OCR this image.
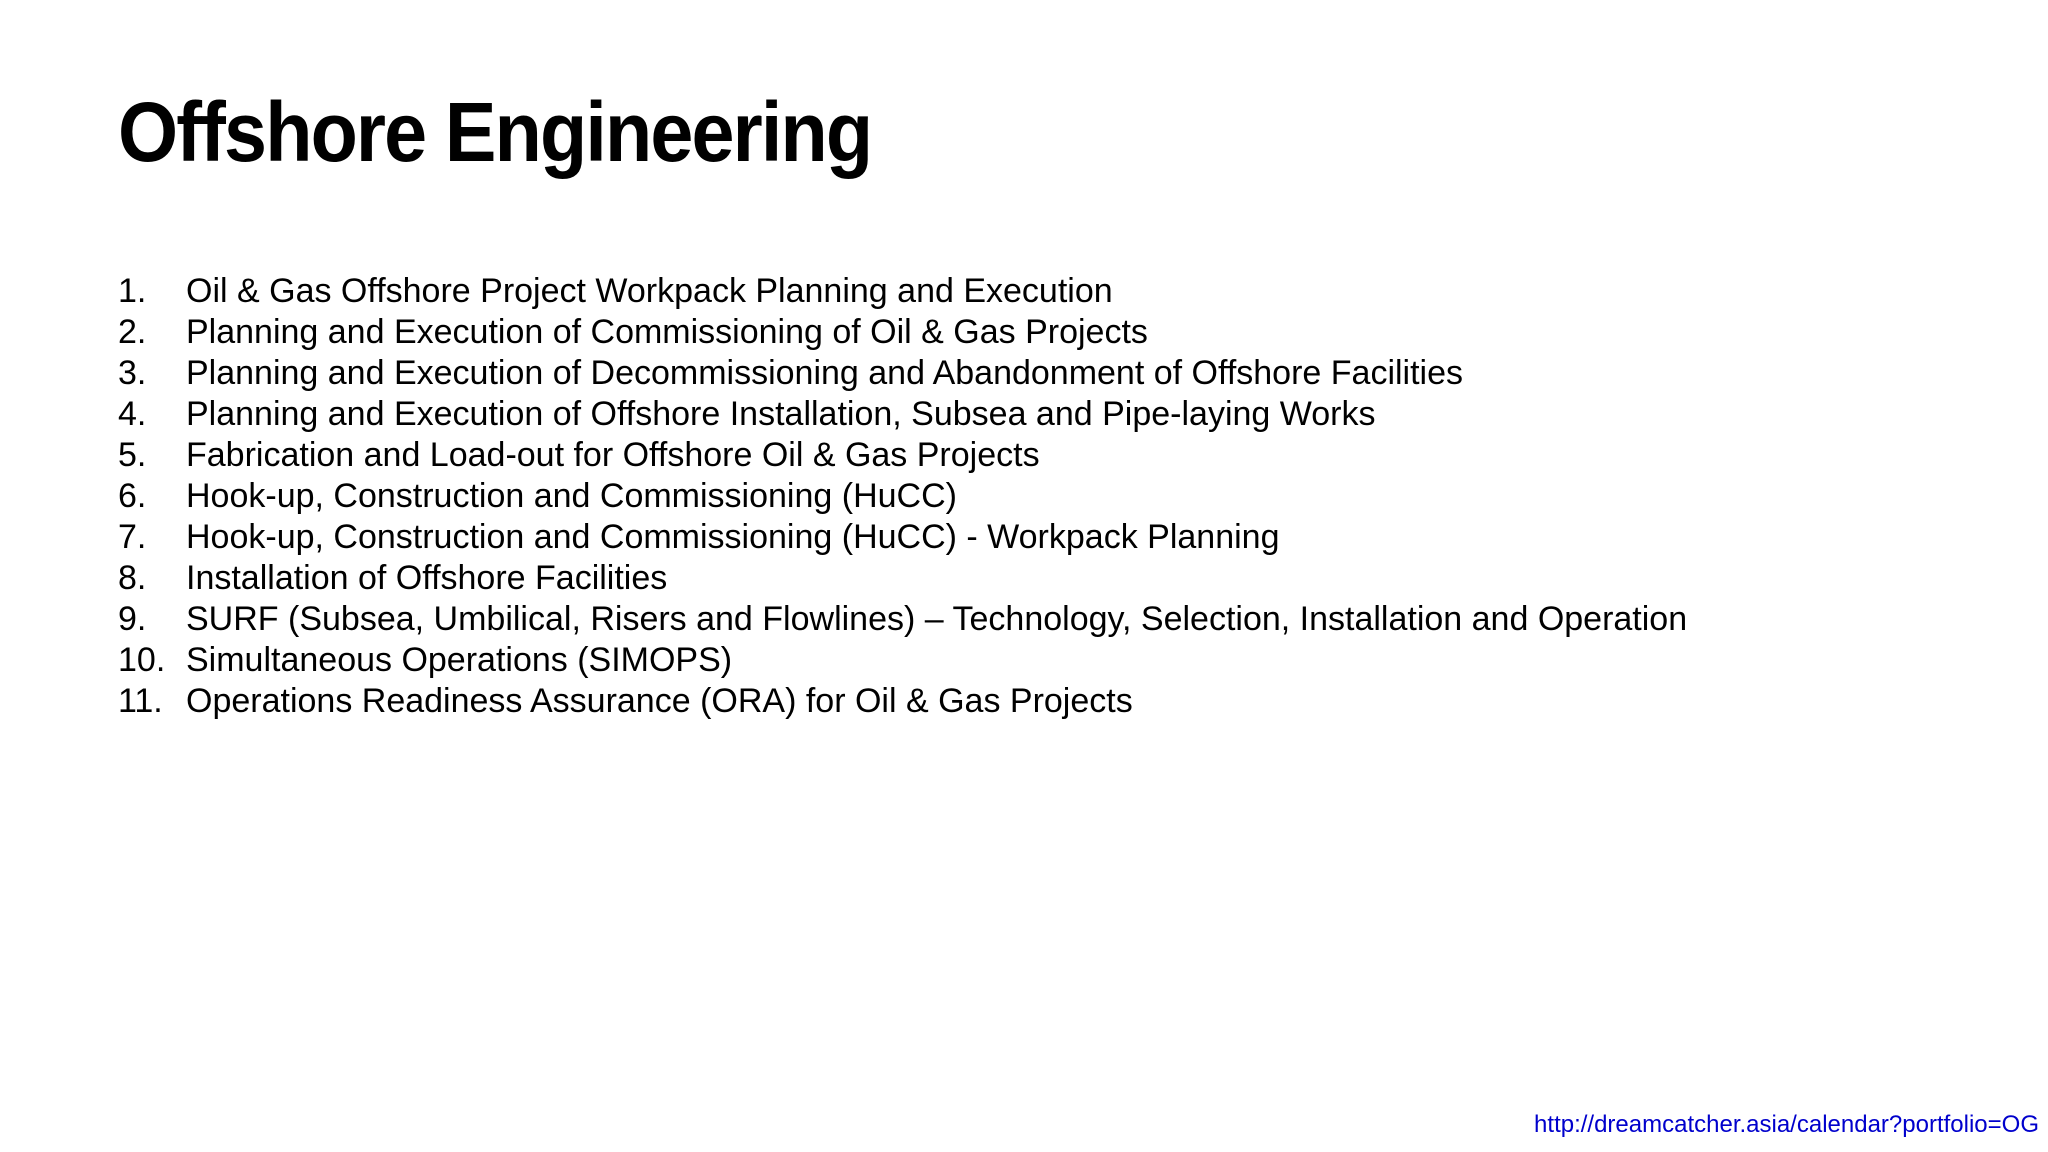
Offshore Engineering
1.	Oil & Gas Offshore Project Workpack Planning and Execution
2.	Planning and Execution of Commissioning of Oil & Gas Projects
3.	Planning and Execution of Decommissioning and Abandonment of Offshore Facilities
4.	Planning and Execution of Offshore Installation, Subsea and Pipe-laying Works
5.	Fabrication and Load-out for Offshore Oil & Gas Projects
6.	Hook-up, Construction and Commissioning (HuCC)
7.	Hook-up, Construction and Commissioning (HuCC) - Workpack Planning
8.	Installation of Offshore Facilities
9.	SURF (Subsea, Umbilical, Risers and Flowlines) – Technology, Selection, Installation and Operation
10. Simultaneous Operations (SIMOPS)
11. Operations Readiness Assurance (ORA) for Oil & Gas Projects
http://dreamcatcher.asia/calendar?portfolio=OG
